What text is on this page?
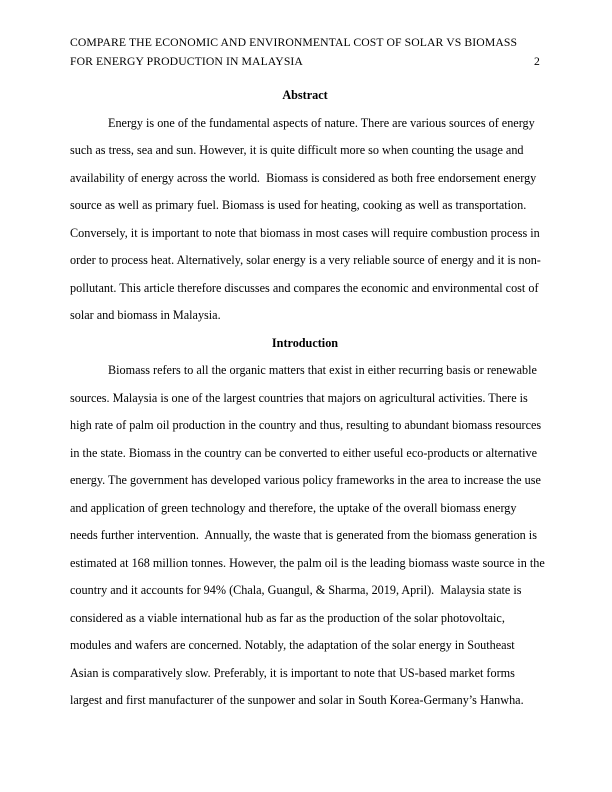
COMPARE THE ECONOMIC AND ENVIRONMENTAL COST OF SOLAR VS BIOMASS
FOR ENERGY PRODUCTION IN MALAYSIA	2
Abstract

Energy is one of the fundamental aspects of nature. There are various sources of energy
such as tress, sea and sun. However, it is quite difficult more so when counting the usage and
availability of energy across the world.  Biomass is considered as both free endorsement energy
source as well as primary fuel. Biomass is used for heating, cooking as well as transportation.
Conversely, it is important to note that biomass in most cases will require combustion process in
order to process heat. Alternatively, solar energy is a very reliable source of energy and it is non-
pollutant. This article therefore discusses and compares the economic and environmental cost of
solar and biomass in Malaysia.

Introduction

Biomass refers to all the organic matters that exist in either recurring basis or renewable
sources. Malaysia is one of the largest countries that majors on agricultural activities. There is
high rate of palm oil production in the country and thus, resulting to abundant biomass resources
in the state. Biomass in the country can be converted to either useful eco-products or alternative
energy. The government has developed various policy frameworks in the area to increase the use
and application of green technology and therefore, the uptake of the overall biomass energy
needs further intervention.  Annually, the waste that is generated from the biomass generation is
estimated at 168 million tonnes. However, the palm oil is the leading biomass waste source in the
country and it accounts for 94% (Chala, Guangul, & Sharma, 2019, April).  Malaysia state is
considered as a viable international hub as far as the production of the solar photovoltaic,
modules and wafers are concerned. Notably, the adaptation of the solar energy in Southeast
Asian is comparatively slow. Preferably, it is important to note that US-based market forms
largest and first manufacturer of the sunpower and solar in South Korea-Germany’s Hanwha.
